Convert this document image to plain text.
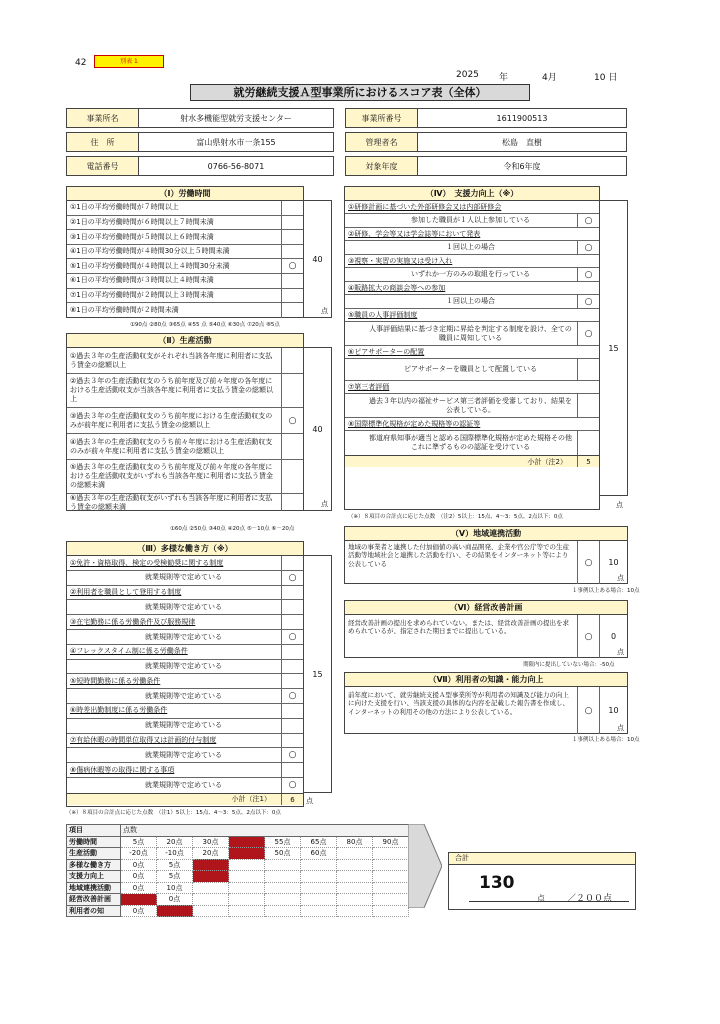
42	別表 1
2025 年	4月	10 日
就労継続支援Ａ型事業所におけるスコア表（全体）
事業所名	射水多機能型就労支援センター
住　所	富山県射水市一条155
電話番号	0766-56-8071
事業所番号	1611900513
管理者名	松島　直樹
対象年度	令和6年度
（Ⅰ）労働時間
①1日の平均労働時間が７時間以上
②1日の平均労働時間が６時間以上７時間未満
③1日の平均労働時間が５時間以上６時間未満
④1日の平均労働時間が４時間30分以上５時間未満
⑤1日の平均労働時間が４時間以上４時間30分未満	○
⑥1日の平均労働時間が３時間以上４時間未満
⑦1日の平均労働時間が２時間以上３時間未満
⑧1日の平均労働時間が２時間未満
40
点
①90点 ②80点 ③65点 ④55 点 ⑤40点 ⑥30点 ⑦20点 ⑧5点
（Ⅱ）生産活動
①過去３年の生産活動収支がそれぞれ当該各年度に利用者に支払う賃金の総額以上
②過去３年の生産活動収支のうち前年度及び前々年度の各年度における生産活動収支が当該各年度に利用者に支払う賃金の総額以上
③過去３年の生産活動収支のうち前年度における生産活動収支のみが前年度に利用者に支払う賃金の総額以上	○
④過去３年の生産活動収支のうち前々年度における生産活動収支のみが前々年度に利用者に支払う賃金の総額以上
⑤過去３年の生産活動収支のうち前年度及び前々年度の各年度における生産活動収支がいずれも当該各年度に利用者に支払う賃金の総額未満
⑥過去３年の生産活動収支がいずれも当該各年度に利用者に支払う賃金の総額未満
40
点
①60点 ②50点 ③40点 ④20点 ⑤－10点 ⑥－20点
（Ⅲ）多様な働き方（※）
①免許・資格取得、検定の受検勧奨に関する制度
就業規則等で定めている	○
②利用者を職員として登用する制度
就業規則等で定めている
③在宅勤務に係る労働条件及び服務規律
就業規則等で定めている	○
④フレックスタイム制に係る労働条件
就業規則等で定めている
⑤短時間勤務に係る労働条件
就業規則等で定めている	○
⑥時差出勤制度に係る労働条件
就業規則等で定めている
⑦有給休暇の時間単位取得又は計画的付与制度
就業規則等で定めている	○
⑧傷病休暇等の取得に関する事項
就業規則等で定めている	○
小計（注1）	6
15
点
（※）８項目の合計点に応じた点数　（注1）5以上：15点、4～3：5点、2点以下：0点
（Ⅳ）　支援力向上（※）
①研修計画に基づいた外部研修会又は内部研修会
参加した職員が１人以上参加している	○
②研修、学会等又は学会誌等において発表
１回以上の場合	○
③視察・実習の実施又は受け入れ
いずれか一方のみの取組を行っている	○
④販路拡大の商談会等への参加
１回以上の場合	○
⑤職員の人事評価制度
人事評価結果に基づき定期に昇給を判定する制度を設け、全ての職員に周知している	○
⑥ピアサポーターの配置
ピアサポーターを職員として配置している
⑦第三者評価
過去３年以内の福祉サービス第三者評価を受審しており、結果を公表している。
⑧国際標準化規格が定めた規格等の認証等
都道府県知事が適当と認める国際標準化規格が定めた規格その他これに準ずるものの認証を受けている
小計（注2）	5
15
点
（※）８項目の合計点に応じた点数　（注2）5以上：15点、4～3：5点、2点以下：0点
（Ⅴ）地域連携活動
地域の事業者と連携した付加価値の高い商品開発、企業や官公庁等での生産活動等地域社会と連携した活動を行い、その結果をインターネット等により公表している	○	10
点
１事例以上ある場合：10点
（Ⅵ）経営改善計画
経営改善計画の提出を求められていない。または、経営改善計画の提出を求められているが、指定された期日までに提出している。
○	0
点
期限内に提出していない場合：-50点
（Ⅶ）利用者の知識・能力向上
前年度において、就労継続支援Ａ型事業所等が利用者の知識及び能力の向上に向けた支援を行い、当該支援の具体的な内容を記載した報告書を作成し、インターネットの利用その他の方法により公表している。	○	10
点
１事例以上ある場合：10点
項目	点数							
労働時間	5点	20点	30点	40点	55点	65点	80点	90点
生産活動	-20点	-10点	20点	40点	50点	60点		
多様な働き方	0点	5点	15点					
支援力向上	0点	5点	15点					
地域連携活動	0点	10点						
経営改善計画	-50点	0点						
利用者の知	0点	10点						
合計
130
点 ／２００点
